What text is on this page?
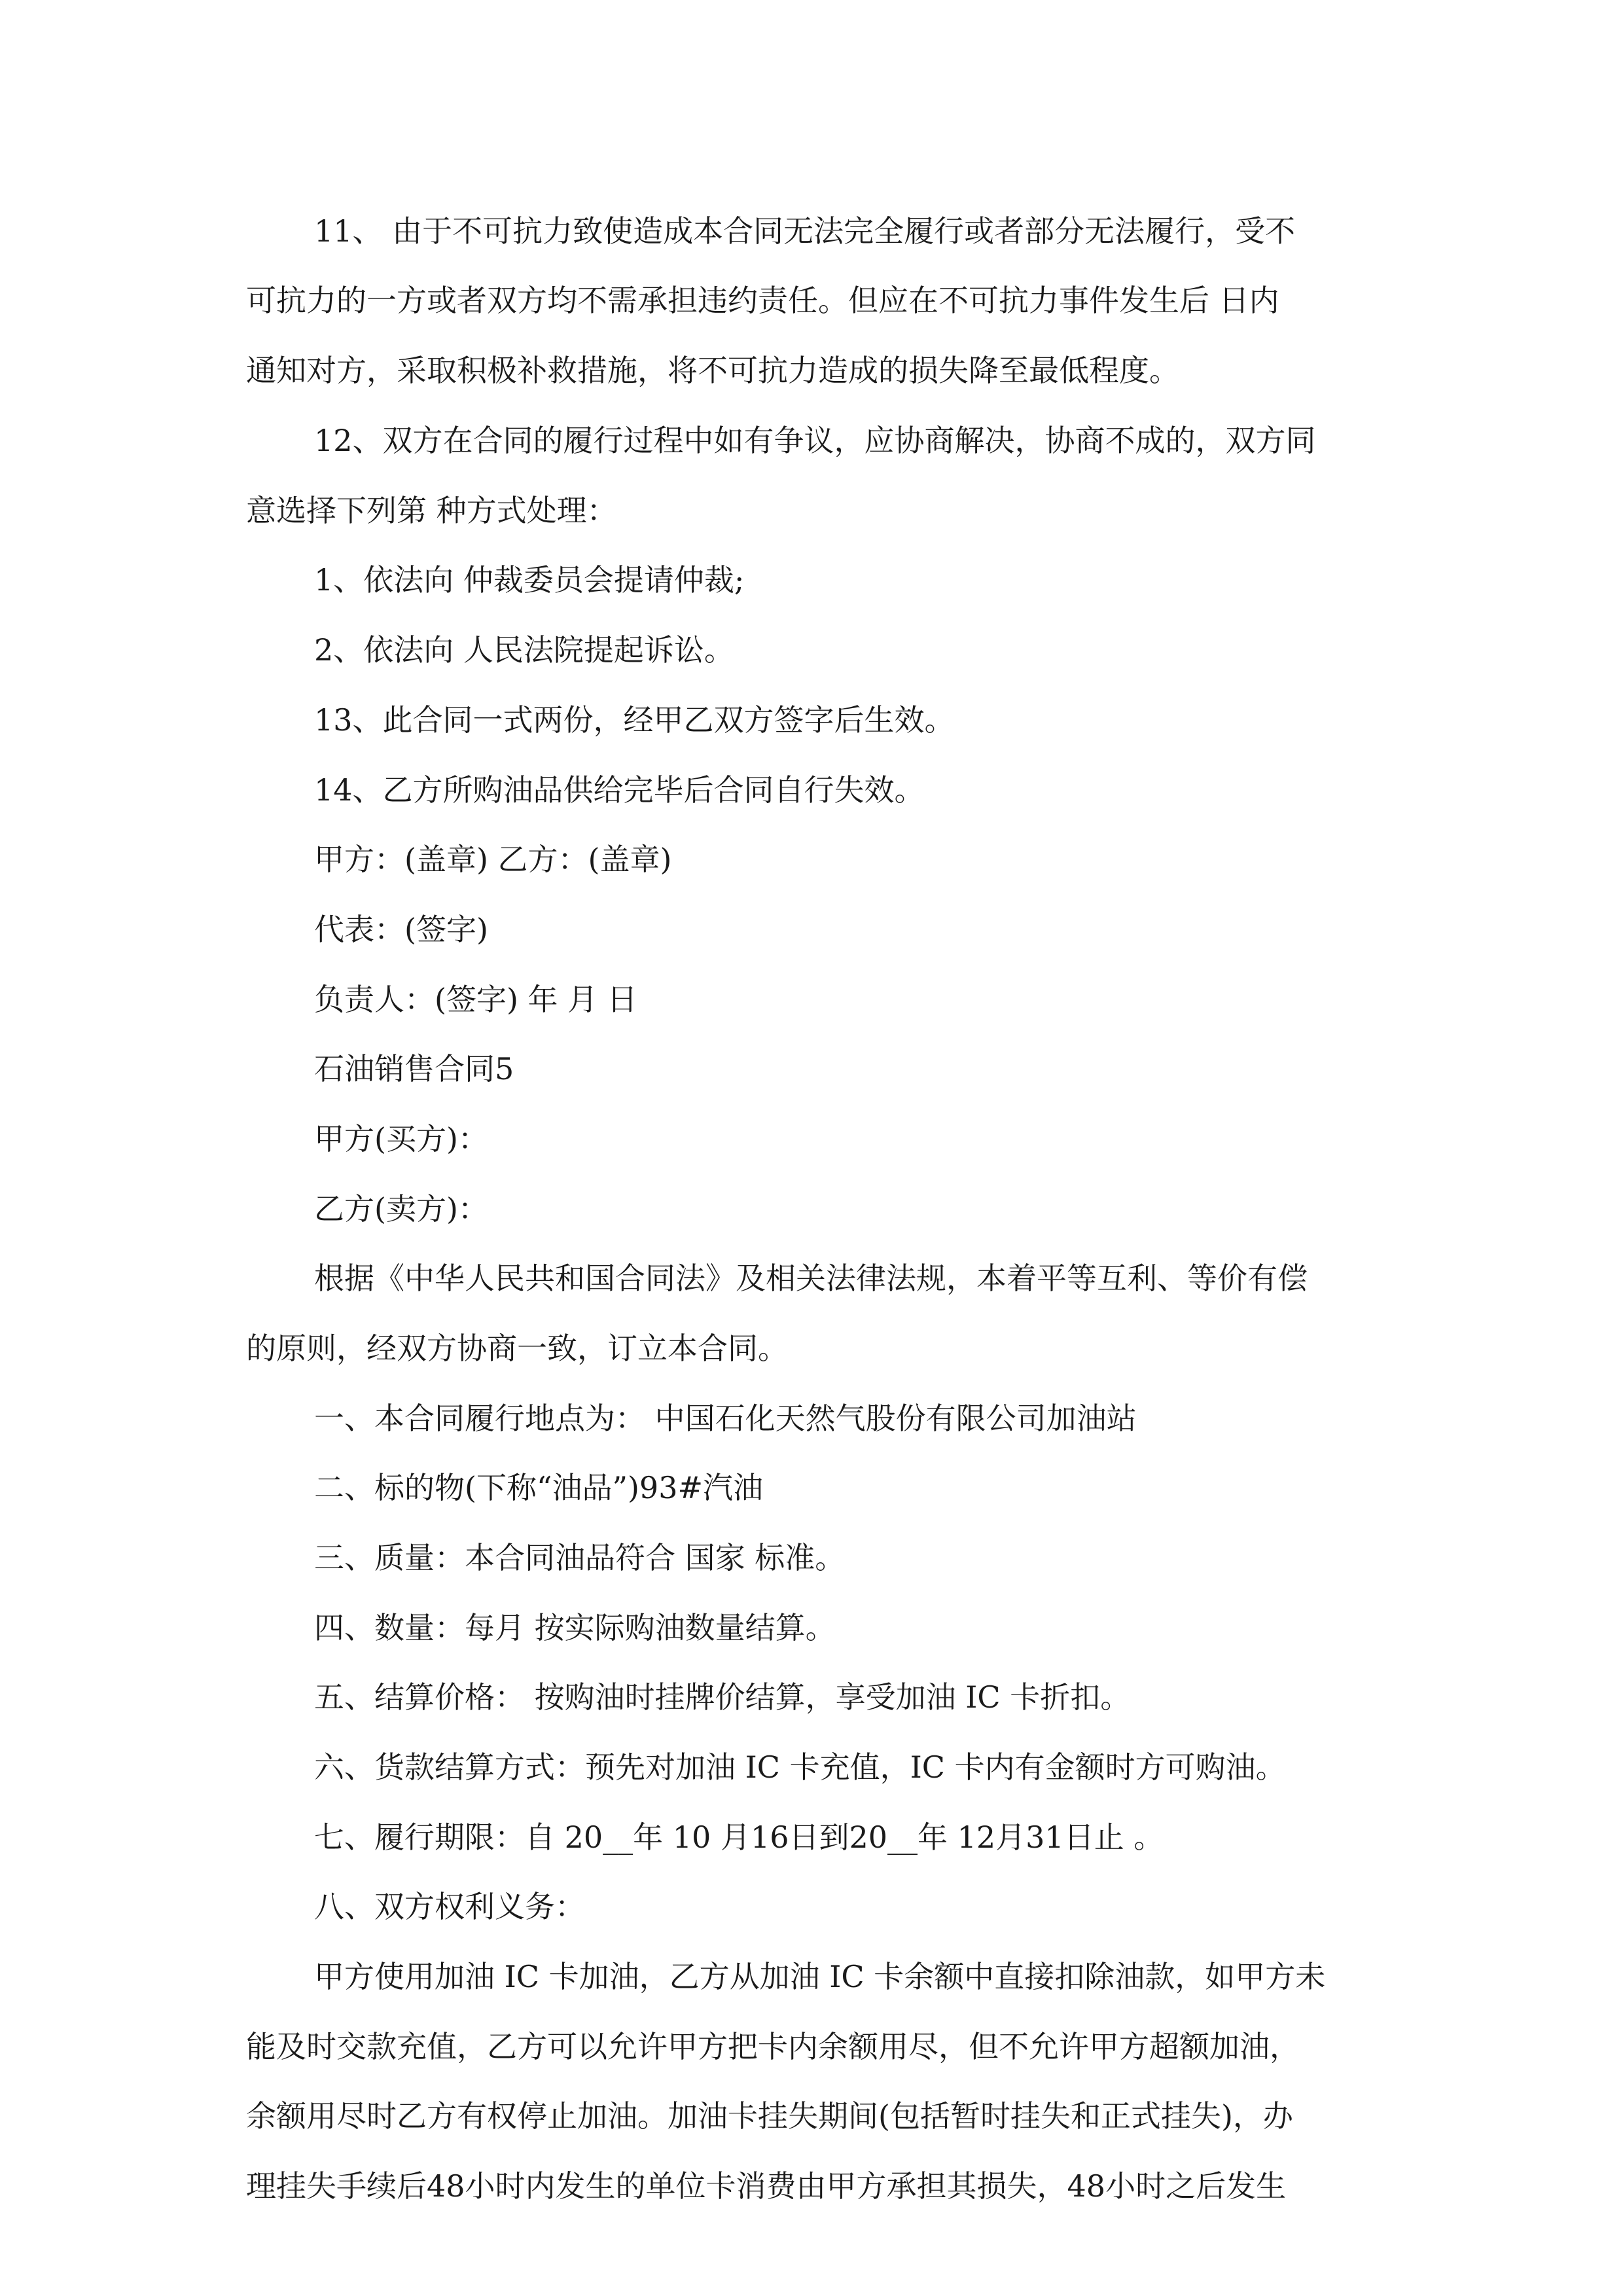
11、 由于不可抗力致使造成本合同无法完全履行或者部分无法履行，受不

可抗力的一方或者双方均不需承担违约责任。但应在不可抗力事件发生后 日内

通知对方，采取积极补救措施，将不可抗力造成的损失降至最低程度。

12、双方在合同的履行过程中如有争议，应协商解决，协商不成的，双方同

意选择下列第 种方式处理：

1、依法向 仲裁委员会提请仲裁;

2、依法向 人民法院提起诉讼。

13、此合同一式两份，经甲乙双方签字后生效。

14、乙方所购油品供给完毕后合同自行失效。

甲方：(盖章) 乙方：(盖章)

代表：(签字)

负责人：(签字) 年 月 日

石油销售合同5

甲方(买方)：

乙方(卖方)：

根据《中华人民共和国合同法》及相关法律法规，本着平等互利、等价有偿

的原则，经双方协商一致，订立本合同。

一、本合同履行地点为： 中国石化天然气股份有限公司加油站

二、标的物(下称“油品”)93#汽油

三、质量：本合同油品符合 国家 标准。

四、数量：每月 按实际购油数量结算。

五、结算价格： 按购油时挂牌价结算，享受加油 IC 卡折扣。

六、货款结算方式：预先对加油 IC 卡充值，IC 卡内有金额时方可购油。

七、履行期限：自 20__年 10 月16日到20__年 12月31日止 。

八、双方权利义务：

甲方使用加油 IC 卡加油，乙方从加油 IC 卡余额中直接扣除油款，如甲方未

能及时交款充值，乙方可以允许甲方把卡内余额用尽，但不允许甲方超额加油，

余额用尽时乙方有权停止加油。加油卡挂失期间(包括暂时挂失和正式挂失)，办

理挂失手续后48小时内发生的单位卡消费由甲方承担其损失，48小时之后发生
